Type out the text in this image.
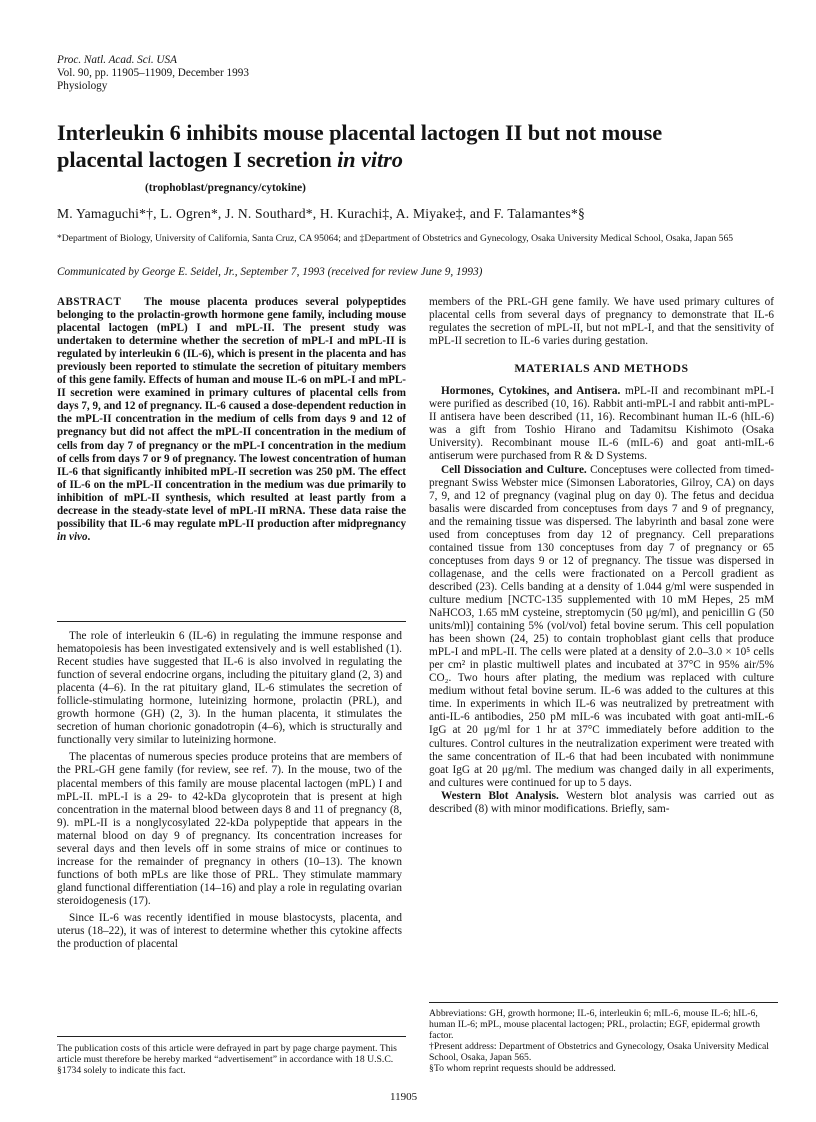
Proc. Natl. Acad. Sci. USA
Vol. 90, pp. 11905–11909, December 1993
Physiology
Interleukin 6 inhibits mouse placental lactogen II but not mouse
placental lactogen I secretion in vitro
(trophoblast/pregnancy/cytokine)
M. Yamaguchi*†, L. Ogren*, J. N. Southard*, H. Kurachi‡, A. Miyake‡, and F. Talamantes*§
*Department of Biology, University of California, Santa Cruz, CA 95064; and ‡Department of Obstetrics and Gynecology, Osaka University Medical School, Osaka, Japan 565
Communicated by George E. Seidel, Jr., September 7, 1993 (received for review June 9, 1993)

ABSTRACT The mouse placenta produces several polypeptides belonging to the prolactin-growth hormone gene family, including mouse placental lactogen (mPL) I and mPL-II. The present study was undertaken to determine whether the secretion of mPL-I and mPL-II is regulated by interleukin 6 (IL-6), which is present in the placenta and has previously been reported to stimulate the secretion of pituitary members of this gene family. Effects of human and mouse IL-6 on mPL-I and mPL-II secretion were examined in primary cultures of placental cells from days 7, 9, and 12 of pregnancy. IL-6 caused a dose-dependent reduction in the mPL-II concentration in the medium of cells from days 9 and 12 of pregnancy but did not affect the mPL-II concentration in the medium of cells from day 7 of pregnancy or the mPL-I concentration in the medium of cells from days 7 or 9 of pregnancy. The lowest concentration of human IL-6 that significantly inhibited mPL-II secretion was 250 pM. The effect of IL-6 on the mPL-II concentration in the medium was due primarily to inhibition of mPL-II synthesis, which resulted at least partly from a decrease in the steady-state level of mPL-II mRNA. These data raise the possibility that IL-6 may regulate mPL-II production after midpregnancy in vivo.

The role of interleukin 6 (IL-6) in regulating the immune response and hematopoiesis has been investigated extensively and is well established (1). Recent studies have suggested that IL-6 is also involved in regulating the function of several endocrine organs, including the pituitary gland (2, 3) and placenta (4–6). In the rat pituitary gland, IL-6 stimulates the secretion of follicle-stimulating hormone, luteinizing hormone, prolactin (PRL), and growth hormone (GH) (2, 3). In the human placenta, it stimulates the secretion of human chorionic gonadotropin (4–6), which is structurally and functionally very similar to luteinizing hormone.

The placentas of numerous species produce proteins that are members of the PRL-GH gene family (for review, see ref. 7). In the mouse, two of the placental members of this family are mouse placental lactogen (mPL) I and mPL-II. mPL-I is a 29- to 42-kDa glycoprotein that is present at high concentration in the maternal blood between days 8 and 11 of pregnancy (8, 9). mPL-II is a nonglycosylated 22-kDa polypeptide that appears in the maternal blood on day 9 of pregnancy. Its concentration increases for several days and then levels off in some strains of mice or continues to increase for the remainder of pregnancy in others (10–13). The known functions of both mPLs are like those of PRL. They stimulate mammary gland functional differentiation (14–16) and play a role in regulating ovarian steroidogenesis (17).

Since IL-6 was recently identified in mouse blastocysts, placenta, and uterus (18–22), it was of interest to determine whether this cytokine affects the production of placental

members of the PRL-GH gene family. We have used primary cultures of placental cells from several days of pregnancy to demonstrate that IL-6 regulates the secretion of mPL-II, but not mPL-I, and that the sensitivity of mPL-II secretion to IL-6 varies during gestation.

MATERIALS AND METHODS

Hormones, Cytokines, and Antisera. mPL-II and recombinant mPL-I were purified as described (10, 16). Rabbit anti-mPL-I and rabbit anti-mPL-II antisera have been described (11, 16). Recombinant human IL-6 (hIL-6) was a gift from Toshio Hirano and Tadamitsu Kishimoto (Osaka University). Recombinant mouse IL-6 (mIL-6) and goat anti-mIL-6 antiserum were purchased from R & D Systems.

Cell Dissociation and Culture. Conceptuses were collected from timed-pregnant Swiss Webster mice (Simonsen Laboratories, Gilroy, CA) on days 7, 9, and 12 of pregnancy (vaginal plug on day 0). The fetus and decidua basalis were discarded from conceptuses from days 7 and 9 of pregnancy, and the remaining tissue was dispersed. The labyrinth and basal zone were used from conceptuses from day 12 of pregnancy. Cell preparations contained tissue from 130 conceptuses from day 7 of pregnancy or 65 conceptuses from days 9 or 12 of pregnancy. The tissue was dispersed in collagenase, and the cells were fractionated on a Percoll gradient as described (23). Cells banding at a density of 1.044 g/ml were suspended in culture medium [NCTC-135 supplemented with 10 mM Hepes, 25 mM NaHCO3, 1.65 mM cysteine, streptomycin (50 μg/ml), and penicillin G (50 units/ml)] containing 5% (vol/vol) fetal bovine serum. This cell population has been shown (24, 25) to contain trophoblast giant cells that produce mPL-I and mPL-II. The cells were plated at a density of 2.0–3.0 × 10⁵ cells per cm² in plastic multiwell plates and incubated at 37°C in 95% air/5% CO₂. Two hours after plating, the medium was replaced with culture medium without fetal bovine serum. IL-6 was added to the cultures at this time. In experiments in which IL-6 was neutralized by pretreatment with anti-IL-6 antibodies, 250 pM mIL-6 was incubated with goat anti-mIL-6 IgG at 20 μg/ml for 1 hr at 37°C immediately before addition to the cultures. Control cultures in the neutralization experiment were treated with the same concentration of IL-6 that had been incubated with nonimmune goat IgG at 20 μg/ml. The medium was changed daily in all experiments, and cultures were continued for up to 5 days.

Western Blot Analysis. Western blot analysis was carried out as described (8) with minor modifications. Briefly, sam-

Abbreviations: GH, growth hormone; IL-6, interleukin 6; mIL-6, mouse IL-6; hIL-6, human IL-6; mPL, mouse placental lactogen; PRL, prolactin; EGF, epidermal growth factor.
†Present address: Department of Obstetrics and Gynecology, Osaka University Medical School, Osaka, Japan 565.
§To whom reprint requests should be addressed.
The publication costs of this article were defrayed in part by page charge payment. This article must therefore be hereby marked “advertisement” in accordance with 18 U.S.C. §1734 solely to indicate this fact.
11905
